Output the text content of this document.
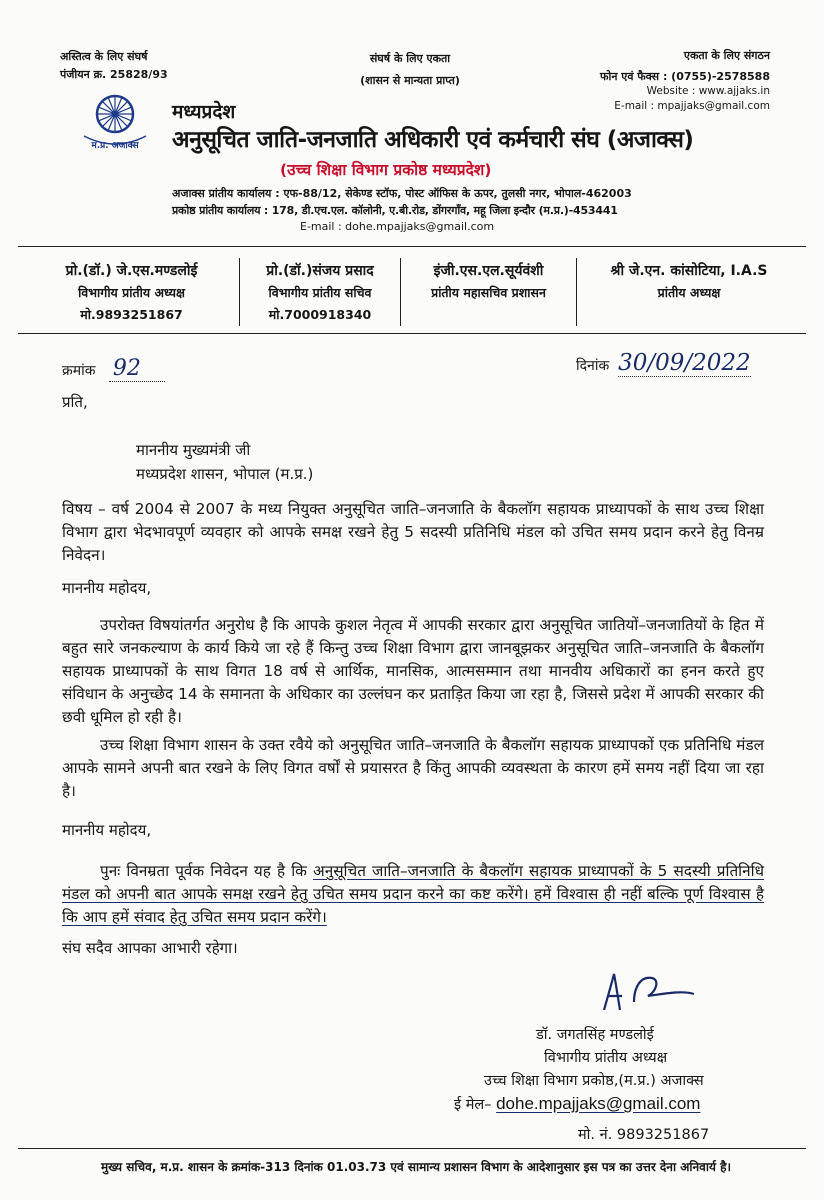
अस्तित्व के लिए संघर्ष
पंजीयन क्र. 25828/93
संघर्ष के लिए एकता
(शासन से मान्यता प्राप्त)
एकता के लिए संगठन
फोन एवं फैक्स : (0755)-2578588
Website : www.ajjaks.in
E-mail : mpajjaks@gmail.com
म.प्र. अजाक्स
मध्यप्रदेश
अनुसूचित जाति-जनजाति अधिकारी एवं कर्मचारी संघ (अजाक्स)
(उच्च शिक्षा विभाग प्रकोष्ठ मध्यप्रदेश)
अजाक्स प्रांतीय कार्यालय : एफ-88/12, सेकेण्ड स्टॉफ, पोस्ट ऑफिस के ऊपर, तुलसी नगर, भोपाल-462003
प्रकोष्ठ प्रांतीय कार्यालय : 178, डी.एच.एल. कॉलोनी, ए.बी.रोड, डोंगरगाँव, महू जिला इन्दौर (म.प्र.)-453441
E-mail : dohe.mpajjaks@gmail.com
प्रो.(डॉ.) जे.एस.मण्डलोई
विभागीय प्रांतीय अध्यक्ष
मो.9893251867
प्रो.(डॉ.)संजय प्रसाद
विभागीय प्रांतीय सचिव
मो.7000918340
इंजी.एस.एल.सूर्यवंशी
प्रांतीय महासचिव प्रशासन
श्री जे.एन. कांसोटिया, I.A.S
प्रांतीय अध्यक्ष
क्रमांक 92	दिनांक 30/09/2022
प्रति,
माननीय मुख्यमंत्री जी
मध्यप्रदेश शासन, भोपाल (म.प्र.)
विषय – वर्ष 2004 से 2007 के मध्य नियुक्त अनुसूचित जाति–जनजाति के बैकलॉग सहायक प्राध्यापकों के साथ उच्च शिक्षा विभाग द्वारा भेदभावपूर्ण व्यवहार को आपके समक्ष रखने हेतु 5 सदस्यी प्रतिनिधि मंडल को उचित समय प्रदान करने हेतु विनम्र निवेदन।
माननीय महोदय,
उपरोक्त विषयांतर्गत अनुरोध है कि आपके कुशल नेतृत्व में आपकी सरकार द्वारा अनुसूचित जातियों–जनजातियों के हित में बहुत सारे जनकल्याण के कार्य किये जा रहे हैं किन्तु उच्च शिक्षा विभाग द्वारा जानबूझकर अनुसूचित जाति–जनजाति के बैकलॉग सहायक प्राध्यापकों के साथ विगत 18 वर्ष से आर्थिक, मानसिक, आत्मसम्मान तथा मानवीय अधिकारों का हनन करते हुए संविधान के अनुच्छेद 14 के समानता के अधिकार का उल्लंघन कर प्रताड़ित किया जा रहा है, जिससे प्रदेश में आपकी सरकार की छवी धूमिल हो रही है।
उच्च शिक्षा विभाग शासन के उक्त रवैये को अनुसूचित जाति–जनजाति के बैकलॉग सहायक प्राध्यापकों एक प्रतिनिधि मंडल आपके सामने अपनी बात रखने के लिए विगत वर्षों से प्रयासरत है किंतु आपकी व्यवस्थता के कारण हमें समय नहीं दिया जा रहा है।
माननीय महोदय,
पुनः विनम्रता पूर्वक निवेदन यह है कि अनुसूचित जाति–जनजाति के बैकलॉग सहायक प्राध्यापकों के 5 सदस्यी प्रतिनिधि मंडल को अपनी बात आपके समक्ष रखने हेतु उचित समय प्रदान करने का कष्ट करेंगे। हमें विश्वास ही नहीं बल्कि पूर्ण विश्वास है कि आप हमें संवाद हेतु उचित समय प्रदान करेंगे।
संघ सदैव आपका आभारी रहेगा।
डॉ. जगतसिंह मण्डलोई
विभागीय प्रांतीय अध्यक्ष
उच्च शिक्षा विभाग प्रकोष्ठ,(म.प्र.) अजाक्स
ई मेल– dohe.mpajjaks@gmail.com
मो. नं. 9893251867
मुख्य सचिव, म.प्र. शासन के क्रमांक-313 दिनांक 01.03.73 एवं सामान्य प्रशासन विभाग के आदेशानुसार इस पत्र का उत्तर देना अनिवार्य है।
